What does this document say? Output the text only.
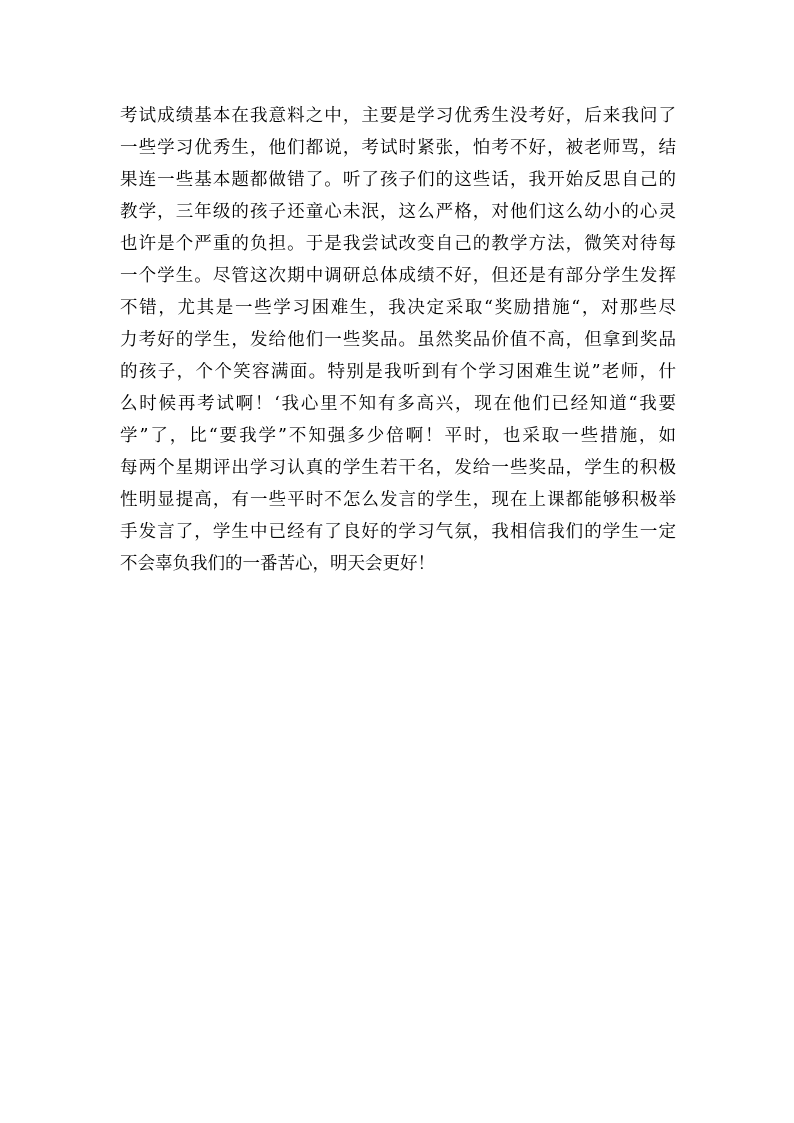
考试成绩基本在我意料之中，主要是学习优秀生没考好，后来我问了
一些学习优秀生，他们都说，考试时紧张，怕考不好，被老师骂，结
果连一些基本题都做错了。听了孩子们的这些话，我开始反思自己的
教学，三年级的孩子还童心未泯，这么严格，对他们这么幼小的心灵
也许是个严重的负担。于是我尝试改变自己的教学方法，微笑对待每
一个学生。尽管这次期中调研总体成绩不好，但还是有部分学生发挥
不错，尤其是一些学习困难生，我决定采取“奖励措施“，对那些尽
力考好的学生，发给他们一些奖品。虽然奖品价值不高，但拿到奖品
的孩子，个个笑容满面。特别是我听到有个学习困难生说”老师，什
么时候再考试啊！‘我心里不知有多高兴，现在他们已经知道“我要
学”了，比“要我学”不知强多少倍啊！平时，也采取一些措施，如
每两个星期评出学习认真的学生若干名，发给一些奖品，学生的积极
性明显提高，有一些平时不怎么发言的学生，现在上课都能够积极举
手发言了，学生中已经有了良好的学习气氛，我相信我们的学生一定
不会辜负我们的一番苦心，明天会更好！
